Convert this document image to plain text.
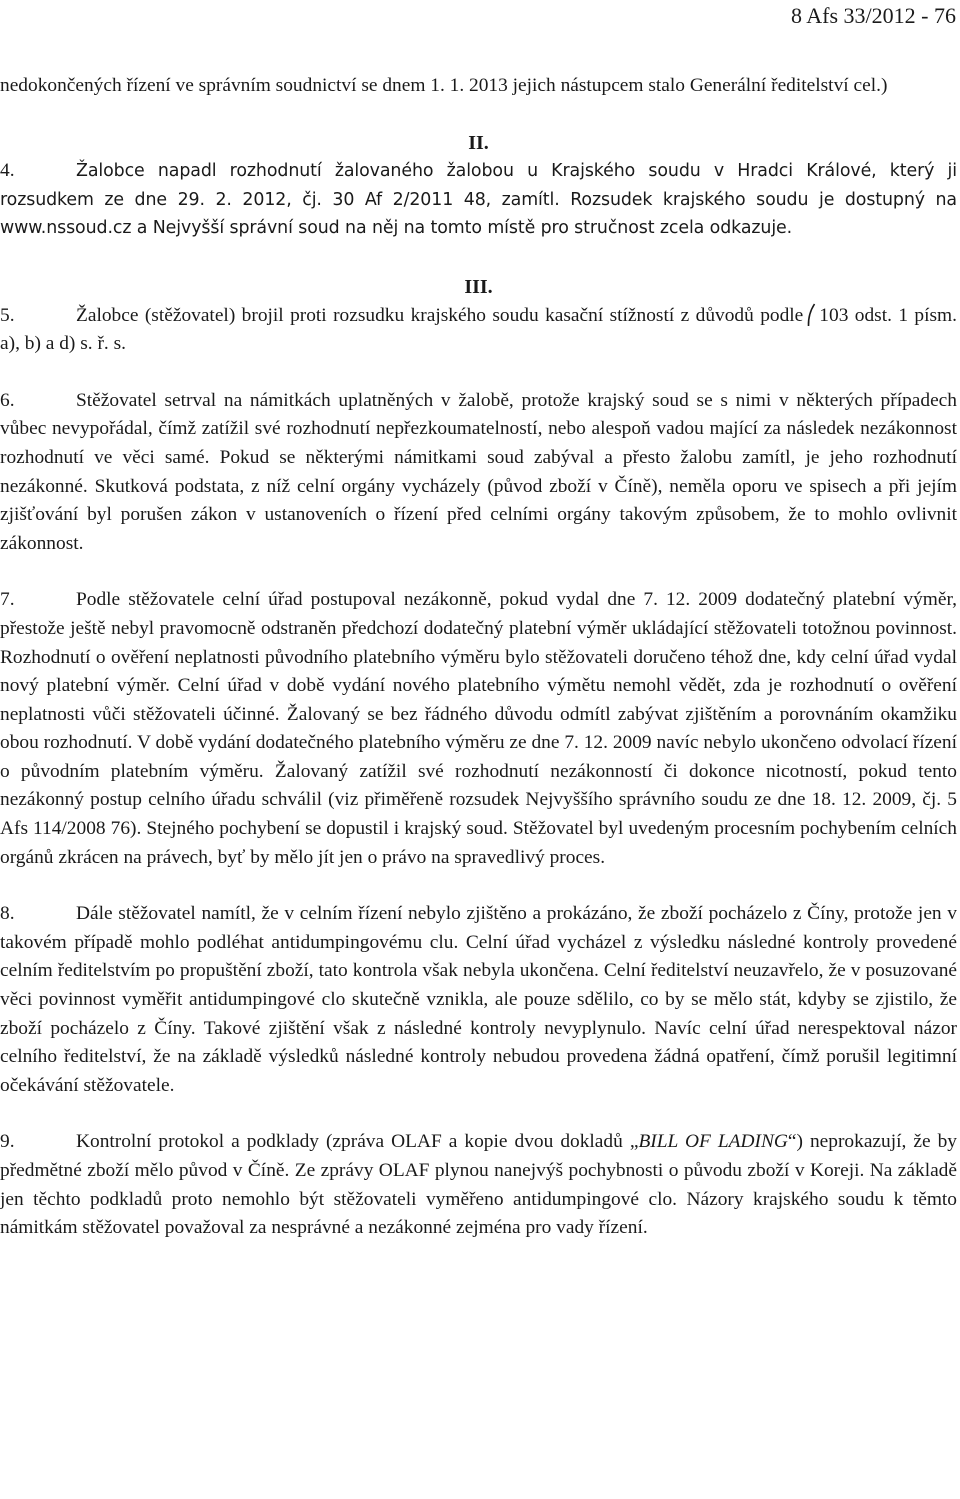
8 Afs 33/2012 - 76

nedokončených řízení ve správním soudnictví se dnem 1. 1. 2013 jejich nástupcem stalo Generální ředitelství cel.)

II.

4.	Žalobce napadl rozhodnutí žalovaného žalobou u Krajského soudu v Hradci Králové, který ji rozsudkem ze dne 29. 2. 2012, čj. 30 Af 2/2011 48, zamítl. Rozsudek krajského soudu je dostupný na www.nssoud.cz a Nejvyšší správní soud na něj na tomto místě pro stručnost zcela odkazuje.

III.

5.	Žalobce (stěžovatel) brojil proti rozsudku krajského soudu kasační stížností z důvodů podle 103 odst. 1 písm. a), b) a d) s. ř. s.

6.	Stěžovatel setrval na námitkách uplatněných v žalobě, protože krajský soud se s nimi v některých případech vůbec nevypořádal, čímž zatížil své rozhodnutí nepřezkoumatelností, nebo alespoň vadou mající za následek nezákonnost rozhodnutí ve věci samé. Pokud se některými námitkami soud zabýval a přesto žalobu zamítl, je jeho rozhodnutí nezákonné. Skutková podstata, z níž celní orgány vycházely (původ zboží v Číně), neměla oporu ve spisech a při jejím zjišťování byl porušen zákon v ustanoveních o řízení před celními orgány takovým způsobem, že to mohlo ovlivnit zákonnost.

7.	Podle stěžovatele celní úřad postupoval nezákonně, pokud vydal dne 7. 12. 2009 dodatečný platební výměr, přestože ještě nebyl pravomocně odstraněn předchozí dodatečný platební výměr ukládající stěžovateli totožnou povinnost. Rozhodnutí o ověření neplatnosti původního platebního výměru bylo stěžovateli doručeno téhož dne, kdy celní úřad vydal nový platební výměr. Celní úřad v době vydání nového platebního výmětu nemohl vědět, zda je rozhodnutí o ověření neplatnosti vůči stěžovateli účinné. Žalovaný se bez řádného důvodu odmítl zabývat zjištěním a porovnáním okamžiku obou rozhodnutí. V době vydání dodatečného platebního výměru ze dne 7. 12. 2009 navíc nebylo ukončeno odvolací řízení o původním platebním výměru. Žalovaný zatížil své rozhodnutí nezákonností či dokonce nicotností, pokud tento nezákonný postup celního úřadu schválil (viz přiměřeně rozsudek Nejvyššího správního soudu ze dne 18. 12. 2009, čj. 5 Afs 114/2008 76). Stejného pochybení se dopustil i krajský soud. Stěžovatel byl uvedeným procesním pochybením celních orgánů zkrácen na právech, byť by mělo jít jen o právo na spravedlivý proces.

8.	Dále stěžovatel namítl, že v celním řízení nebylo zjištěno a prokázáno, že zboží pocházelo z Číny, protože jen v takovém případě mohlo podléhat antidumpingovému clu. Celní úřad vycházel z výsledku následné kontroly provedené celním ředitelstvím po propuštění zboží, tato kontrola však nebyla ukončena. Celní ředitelství neuzavřelo, že v posuzované věci povinnost vyměřit antidumpingové clo skutečně vznikla, ale pouze sdělilo, co by se mělo stát, kdyby se zjistilo, že zboží pocházelo z Číny. Takové zjištění však z následné kontroly nevyplynulo. Navíc celní úřad nerespektoval názor celního ředitelství, že na základě výsledků následné kontroly nebudou provedena žádná opatření, čímž porušil legitimní očekávání stěžovatele.

9.	Kontrolní protokol a podklady (zpráva OLAF a kopie dvou dokladů „BILL OF LADING“) neprokazují, že by předmětné zboží mělo původ v Číně. Ze zprávy OLAF plynou nanejvýš pochybnosti o původu zboží v Koreji. Na základě jen těchto podkladů proto nemohlo být stěžovateli vyměřeno antidumpingové clo. Názory krajského soudu k těmto námitkám stěžovatel považoval za nesprávné a nezákonné zejména pro vady řízení.
